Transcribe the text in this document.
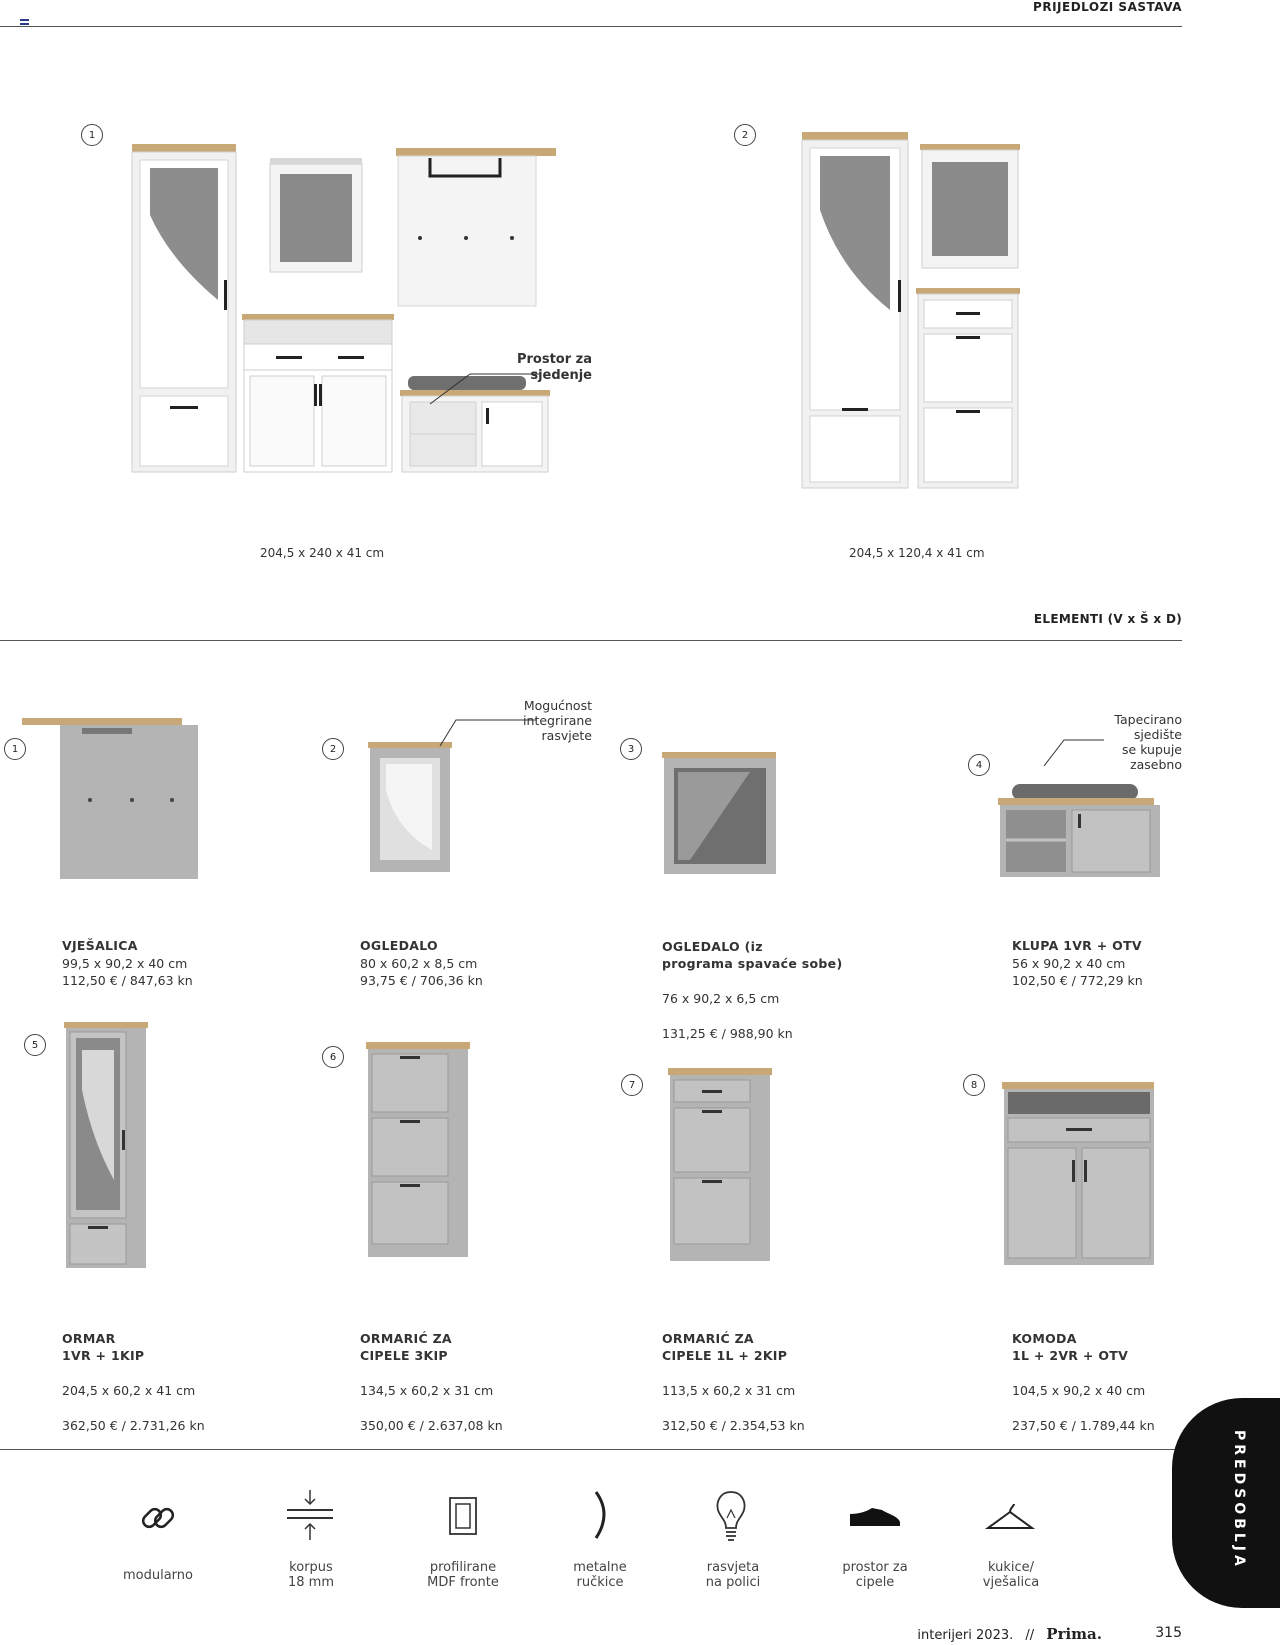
PRIJEDLOZI SASTAVA
1
Prostor za
sjedenje
204,5 x 240 x 41 cm
2
204,5 x 120,4 x 41 cm
ELEMENTI (V x Š x D)
1
VJEŠALICA
99,5 x 90,2 x 40 cm
112,50 € / 847,63 kn
2
Mogućnost
integrirane
rasvjete
OGLEDALO
80 x 60,2 x 8,5 cm
93,75 € / 706,36 kn
3

OGLEDALO (iz
programa spavaće sobe)

76 x 90,2 x 6,5 cm

131,25 € / 988,90 kn

4
Tapecirano
sjedište
se kupuje
zasebno
KLUPA 1VR + OTV
56 x 90,2 x 40 cm
102,50 € / 772,29 kn
5

ORMAR
1VR + 1KIP

204,5 x 60,2 x 41 cm

362,50 € / 2.731,26 kn

6

ORMARIĆ ZA
CIPELE 3KIP

134,5 x 60,2 x 31 cm

350,00 € / 2.637,08 kn

7

ORMARIĆ ZA
CIPELE 1L + 2KIP

113,5 x 60,2 x 31 cm

312,50 € / 2.354,53 kn

8

KOMODA
1L + 2VR + OTV

104,5 x 90,2 x 40 cm

237,50 € / 1.789,44 kn

modularno
korpus
18 mm
profilirane
MDF fronte
metalne
ručkice
rasvjeta
na polici
prostor za
cipele
kukice/
vješalica
PREDSOBLJA
interijeri 2023. // Prima.	315
